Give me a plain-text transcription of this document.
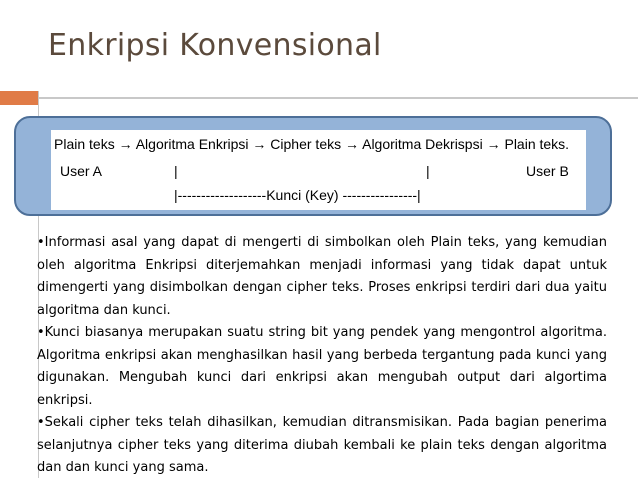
Enkripsi Konvensional
Plain teks → Algoritma Enkripsi → Cipher teks → Algoritma Dekrispsi → Plain teks.
User A	|	|	User B
|-------------------Kunci (Key) ----------------|

•Informasi asal yang dapat di mengerti di simbolkan oleh Plain teks, yang kemudian oleh algoritma Enkripsi diterjemahkan menjadi informasi yang tidak dapat untuk dimengerti yang disimbolkan dengan cipher teks. Proses enkripsi terdiri dari dua yaitu algoritma dan kunci.

•Kunci biasanya merupakan suatu string bit yang pendek yang mengontrol algoritma. Algoritma enkripsi akan menghasilkan hasil yang berbeda tergantung pada kunci yang digunakan. Mengubah kunci dari enkripsi akan mengubah output dari algortima enkripsi.

•Sekali cipher teks telah dihasilkan, kemudian ditransmisikan. Pada bagian penerima selanjutnya cipher teks yang diterima diubah kembali ke plain teks dengan algoritma dan dan kunci yang sama.
